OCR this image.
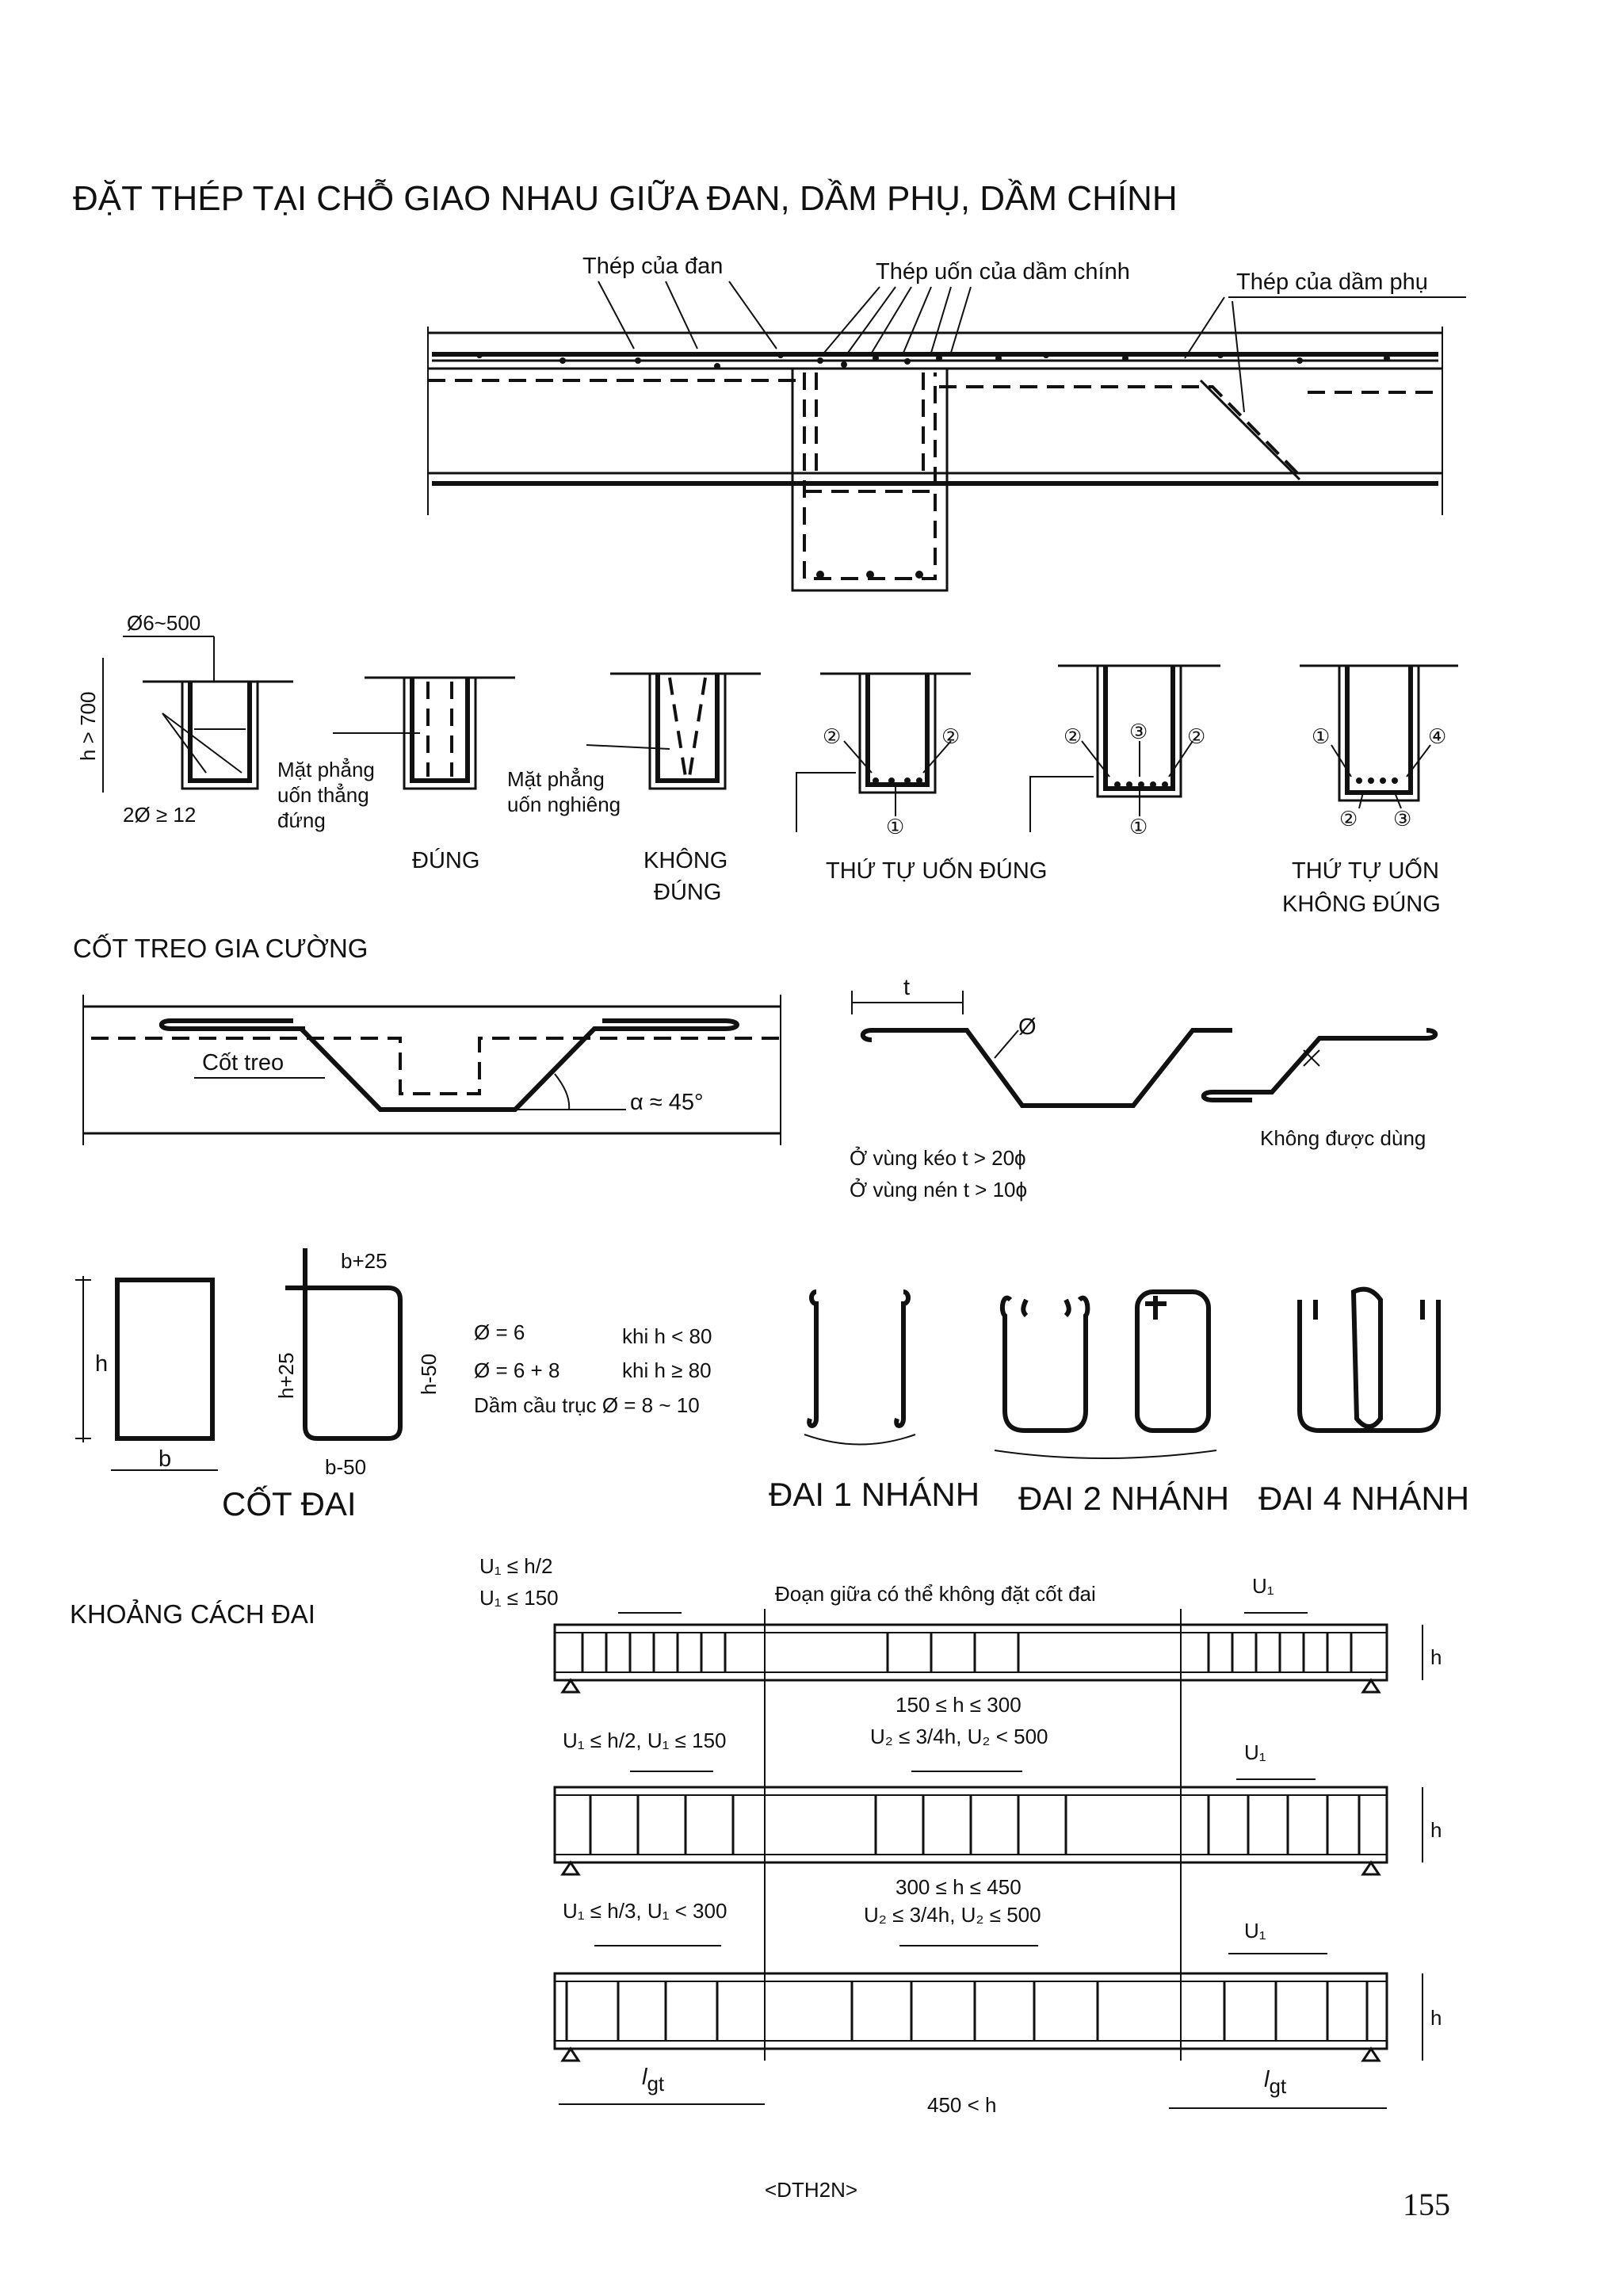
ĐẶT THÉP TẠI CHỖ GIAO NHAU GIỮA ĐAN, DẦM PHỤ, DẦM CHÍNH
Thép của đan	Thép uốn của dầm chính	Thép của dầm phụ
Ø6~500
h > 700
2Ø ≥ 12
Mặt phẳng
uốn thẳng
đứng
ĐÚNG
Mặt phẳng
uốn nghiêng
KHÔNG
ĐÚNG
THỨ TỰ UỐN ĐÚNG	THỨ TỰ UỐN
KHÔNG ĐÚNG
②	②
①
② ③ ②
①
①	④
② ③
CỐT TREO GIA CƯỜNG
Cốt treo
α ≈ 45°
t
Ø
Ở vùng kéo t > 20ϕ
Ở vùng nén t > 10ϕ
Không được dùng
h
b
b+25
h+25	h-50
b-50
CỐT ĐAI
Ø = 6	khi h < 80
Ø = 6 + 8	khi h ≥ 80
Dầm cầu trục Ø = 8 ~ 10
ĐAI 1 NHÁNH ĐAI 2 NHÁNH ĐAI 4 NHÁNH
KHOẢNG CÁCH ĐAI
U₁ ≤ h/2
U₁ ≤ 150	Đoạn giữa có thể không đặt cốt đai	U₁
h
150 ≤ h ≤ 300
U₁ ≤ h/2, U₁ ≤ 150	U₂ ≤ 3/4h, U₂ < 500
U₁
h
300 ≤ h ≤ 450
U₁ ≤ h/3, U₁ < 300	U₂ ≤ 3/4h, U₂ ≤ 500
U₁
h
lgt	lgt
450 < h
<DTH2N>	155
